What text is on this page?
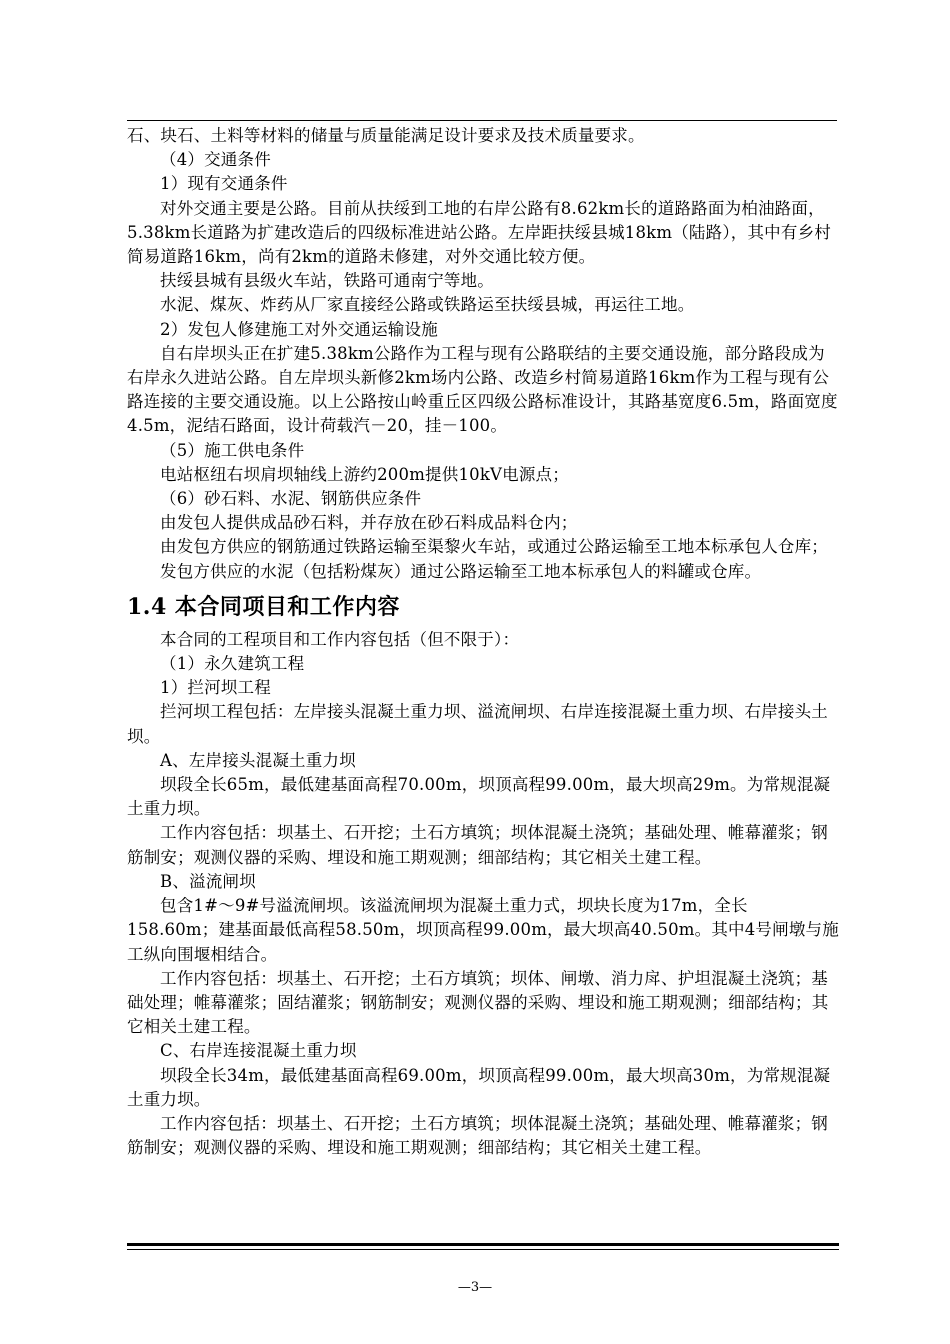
石、块石、土料等材料的储量与质量能满足设计要求及技术质量要求。

（4）交通条件

1）现有交通条件

对外交通主要是公路。目前从扶绥到工地的右岸公路有8.62km长的道路路面为柏油路面，5.38km长道路为扩建改造后的四级标准进站公路。左岸距扶绥县城18km（陆路），其中有乡村简易道路16km，尚有2km的道路未修建，对外交通比较方便。

扶绥县城有县级火车站，铁路可通南宁等地。

水泥、煤灰、炸药从厂家直接经公路或铁路运至扶绥县城，再运往工地。

2）发包人修建施工对外交通运输设施

自右岸坝头正在扩建5.38km公路作为工程与现有公路联结的主要交通设施，部分路段成为右岸永久进站公路。自左岸坝头新修2km场内公路、改造乡村简易道路16km作为工程与现有公路连接的主要交通设施。以上公路按山岭重丘区四级公路标准设计，其路基宽度6.5m，路面宽度4.5m，泥结石路面，设计荷载汽－20，挂－100。

（5）施工供电条件

电站枢纽右坝肩坝轴线上游约200m提供10kV电源点；

（6）砂石料、水泥、钢筋供应条件

由发包人提供成品砂石料，并存放在砂石料成品料仓内；

由发包方供应的钢筋通过铁路运输至渠黎火车站，或通过公路运输至工地本标承包人仓库；

发包方供应的水泥（包括粉煤灰）通过公路运输至工地本标承包人的料罐或仓库。

1.4 本合同项目和工作内容

本合同的工程项目和工作内容包括（但不限于）：

（1）永久建筑工程

1）拦河坝工程

拦河坝工程包括：左岸接头混凝土重力坝、溢流闸坝、右岸连接混凝土重力坝、右岸接头土坝。

A、左岸接头混凝土重力坝

坝段全长65m，最低建基面高程70.00m，坝顶高程99.00m，最大坝高29m。为常规混凝土重力坝。

工作内容包括：坝基土、石开挖；土石方填筑；坝体混凝土浇筑；基础处理、帷幕灌浆；钢筋制安；观测仪器的采购、埋设和施工期观测；细部结构；其它相关土建工程。

B、溢流闸坝

包含1#～9#号溢流闸坝。该溢流闸坝为混凝土重力式，坝块长度为17m，全长158.60m；建基面最低高程58.50m，坝顶高程99.00m，最大坝高40.50m。其中4号闸墩与施工纵向围堰相结合。

工作内容包括：坝基土、石开挖；土石方填筑；坝体、闸墩、消力戽、护坦混凝土浇筑；基础处理；帷幕灌浆；固结灌浆；钢筋制安；观测仪器的采购、埋设和施工期观测；细部结构；其它相关土建工程。

C、右岸连接混凝土重力坝

坝段全长34m，最低建基面高程69.00m，坝顶高程99.00m，最大坝高30m，为常规混凝土重力坝。

工作内容包括：坝基土、石开挖；土石方填筑；坝体混凝土浇筑；基础处理、帷幕灌浆；钢筋制安；观测仪器的采购、埋设和施工期观测；细部结构；其它相关土建工程。

—3—
